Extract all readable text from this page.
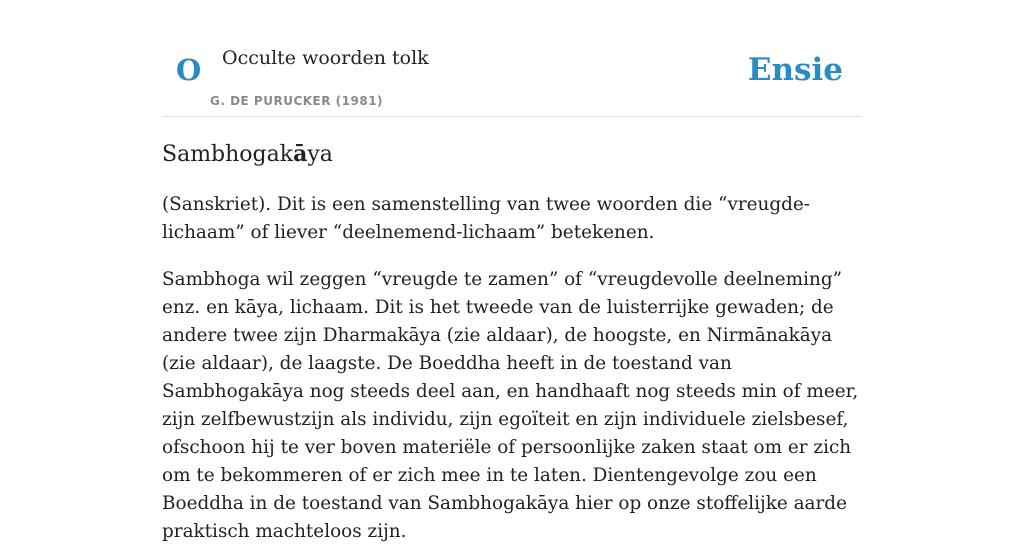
O Occulte woorden tolk
G. DE PURUCKER (1981)
Ensie
Sambhogakāya

(Sanskriet). Dit is een samenstelling van twee woorden die “vreugde-lichaam” of liever “deelnemend-lichaam” betekenen.

Sambhoga wil zeggen “vreugde te zamen” of “vreugdevolle deelneming” enz. en kāya, lichaam. Dit is het tweede van de luisterrijke gewaden; de andere twee zijn Dharmakāya (zie aldaar), de hoogste, en Nirmānakāya (zie aldaar), de laagste. De Boeddha heeft in de toestand van Sambhogakāya nog steeds deel aan, en handhaaft nog steeds min of meer, zijn zelfbewustzijn als individu, zijn egoïteit en zijn individuele zielsbesef, ofschoon hij te ver boven materiële of persoonlijke zaken staat om er zich om te bekommeren of er zich mee in te laten. Dientengevolge zou een Boeddha in de toestand van Sambhogakāya hier op onze stoffelijke aarde praktisch machteloos zijn.
